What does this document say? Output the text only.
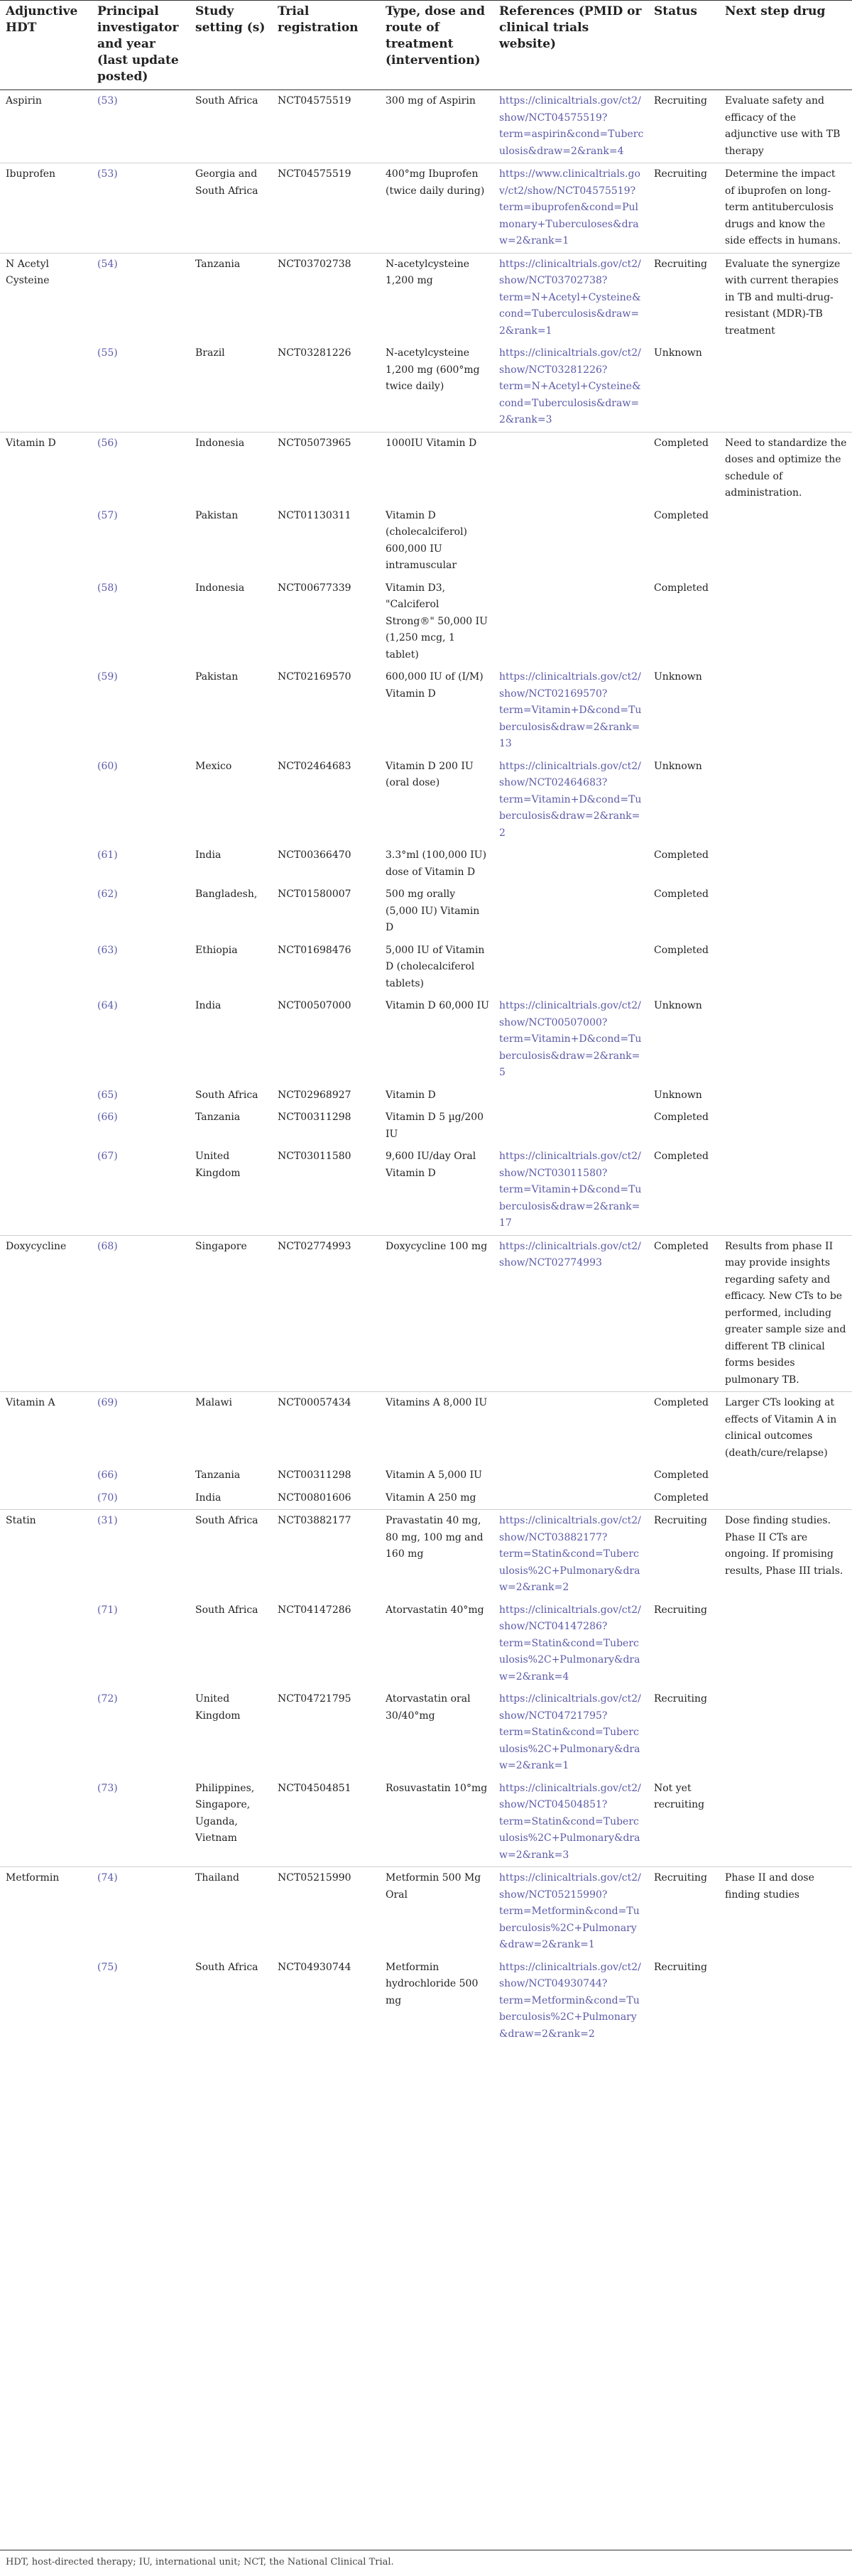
Adjunctive HDT	Principal investigator and year (last update posted)	Study setting (s)	Trial registration	Type, dose and route of treatment (intervention)	References (PMID or clinical trials website)	Status	Next step drug
Aspirin	(53)	South Africa	NCT04575519	300 mg of Aspirin	https://clinicaltrials.gov/ct2/show/NCT04575519?term=aspirin&cond=Tuberculosis&draw=2&rank=4	Recruiting	Evaluate safety and efficacy of the adjunctive use with TB therapy
Ibuprofen	(53)	Georgia and South Africa	NCT04575519	400°mg Ibuprofen (twice daily during)	https://www.clinicaltrials.gov/ct2/show/NCT04575519?term=ibuprofen&cond=Pulmonary+Tuberculoses&draw=2&rank=1	Recruiting	Determine the impact of ibuprofen on long-term antituberculosis drugs and know the side effects in humans.
N Acetyl Cysteine	(54)	Tanzania	NCT03702738	N-acetylcysteine 1,200 mg	https://clinicaltrials.gov/ct2/show/NCT03702738?term=N+Acetyl+Cysteine&cond=Tuberculosis&draw=2&rank=1	Recruiting	Evaluate the synergize with current therapies in TB and multi-drug-resistant (MDR)-TB treatment
	(55)	Brazil	NCT03281226	N-acetylcysteine 1,200 mg (600°mg twice daily)	https://clinicaltrials.gov/ct2/show/NCT03281226?term=N+Acetyl+Cysteine&cond=Tuberculosis&draw=2&rank=3	Unknown	
Vitamin D	(56)	Indonesia	NCT05073965	1000IU Vitamin D		Completed	Need to standardize the doses and optimize the schedule of administration.
	(57)	Pakistan	NCT01130311	Vitamin D (cholecalciferol) 600,000 IU intramuscular		Completed	
	(58)	Indonesia	NCT00677339	Vitamin D3, "Calciferol Strong®" 50,000 IU (1,250 mcg, 1 tablet)		Completed	
	(59)	Pakistan	NCT02169570	600,000 IU of (I/M) Vitamin D	https://clinicaltrials.gov/ct2/show/NCT02169570?term=Vitamin+D&cond=Tuberculosis&draw=2&rank=13	Unknown	
	(60)	Mexico	NCT02464683	Vitamin D 200 IU (oral dose)	https://clinicaltrials.gov/ct2/show/NCT02464683?term=Vitamin+D&cond=Tuberculosis&draw=2&rank=2	Unknown	
	(61)	India	NCT00366470	3.3°ml (100,000 IU) dose of Vitamin D		Completed	
	(62)	Bangladesh,	NCT01580007	500 mg orally (5,000 IU) Vitamin D		Completed	
	(63)	Ethiopia	NCT01698476	5,000 IU of Vitamin D (cholecalciferol tablets)		Completed	
	(64)	India	NCT00507000	Vitamin D 60,000 IU	https://clinicaltrials.gov/ct2/show/NCT00507000?term=Vitamin+D&cond=Tuberculosis&draw=2&rank=5	Unknown	
	(65)	South Africa	NCT02968927	Vitamin D		Unknown	
	(66)	Tanzania	NCT00311298	Vitamin D 5 µg/200 IU		Completed	
	(67)	United Kingdom	NCT03011580	9,600 IU/day Oral Vitamin D	https://clinicaltrials.gov/ct2/show/NCT03011580?term=Vitamin+D&cond=Tuberculosis&draw=2&rank=17	Completed	
Doxycycline	(68)	Singapore	NCT02774993	Doxycycline 100 mg	https://clinicaltrials.gov/ct2/show/NCT02774993	Completed	Results from phase II may provide insights regarding safety and efficacy. New CTs to be performed, including greater sample size and different TB clinical forms besides pulmonary TB.
Vitamin A	(69)	Malawi	NCT00057434	Vitamins A 8,000 IU		Completed	Larger CTs looking at effects of Vitamin A in clinical outcomes (death/cure/relapse)
	(66)	Tanzania	NCT00311298	Vitamin A 5,000 IU		Completed	
	(70)	India	NCT00801606	Vitamin A 250 mg		Completed	
Statin	(31)	South Africa	NCT03882177	Pravastatin 40 mg, 80 mg, 100 mg and 160 mg	https://clinicaltrials.gov/ct2/show/NCT03882177?term=Statin&cond=Tuberculosis%2C+Pulmonary&draw=2&rank=2	Recruiting	Dose finding studies. Phase II CTs are ongoing. If promising results, Phase III trials.
	(71)	South Africa	NCT04147286	Atorvastatin 40°mg	https://clinicaltrials.gov/ct2/show/NCT04147286?term=Statin&cond=Tuberculosis%2C+Pulmonary&draw=2&rank=4	Recruiting	
	(72)	United Kingdom	NCT04721795	Atorvastatin oral 30/40°mg	https://clinicaltrials.gov/ct2/show/NCT04721795?term=Statin&cond=Tuberculosis%2C+Pulmonary&draw=2&rank=1	Recruiting	
	(73)	Philippines, Singapore, Uganda, Vietnam	NCT04504851	Rosuvastatin 10°mg	https://clinicaltrials.gov/ct2/show/NCT04504851?term=Statin&cond=Tuberculosis%2C+Pulmonary&draw=2&rank=3	Not yet recruiting	
Metformin	(74)	Thailand	NCT05215990	Metformin 500 Mg Oral	https://clinicaltrials.gov/ct2/show/NCT05215990?term=Metformin&cond=Tuberculosis%2C+Pulmonary&draw=2&rank=1	Recruiting	Phase II and dose finding studies
	(75)	South Africa	NCT04930744	Metformin hydrochloride 500 mg	https://clinicaltrials.gov/ct2/show/NCT04930744?term=Metformin&cond=Tuberculosis%2C+Pulmonary&draw=2&rank=2	Recruiting	
HDT, host-directed therapy; IU, international unit; NCT, the National Clinical Trial.
